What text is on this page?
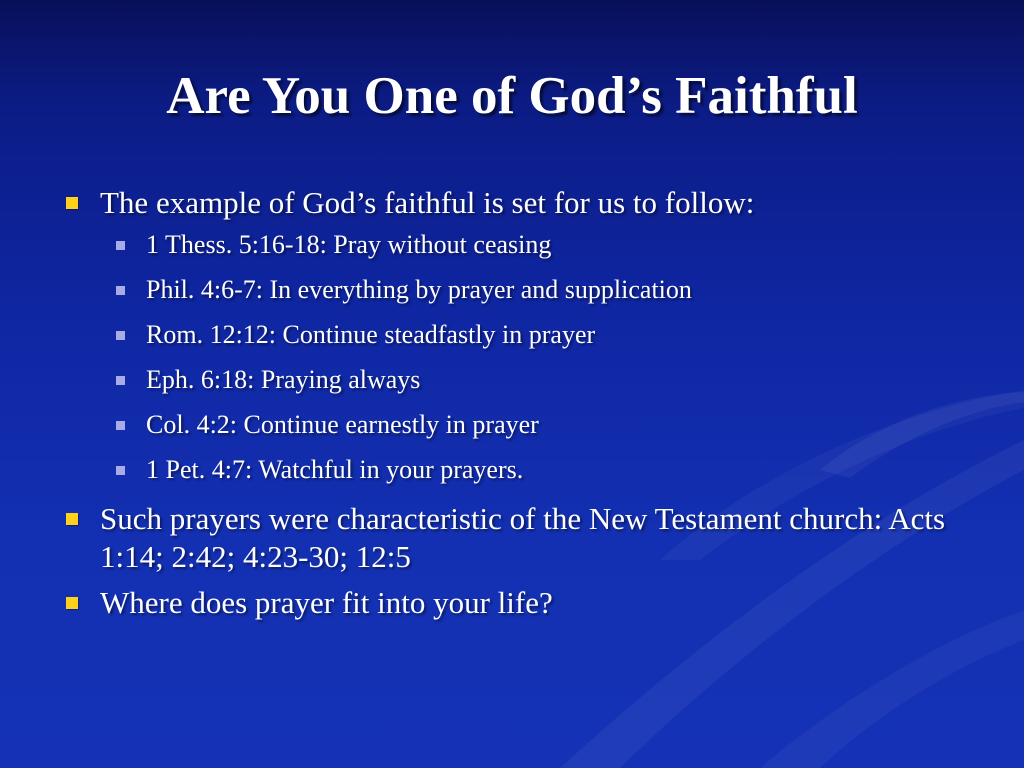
Are You One of God’s Faithful
The example of God’s faithful is set for us to follow:
1 Thess. 5:16-18: Pray without ceasing
Phil. 4:6-7: In everything by prayer and supplication
Rom. 12:12: Continue steadfastly in prayer
Eph. 6:18: Praying always
Col. 4:2: Continue earnestly in prayer
1 Pet. 4:7: Watchful in your prayers.
Such prayers were characteristic of the New Testament church: Acts 1:14; 2:42; 4:23-30; 12:5
Where does prayer fit into your life?
